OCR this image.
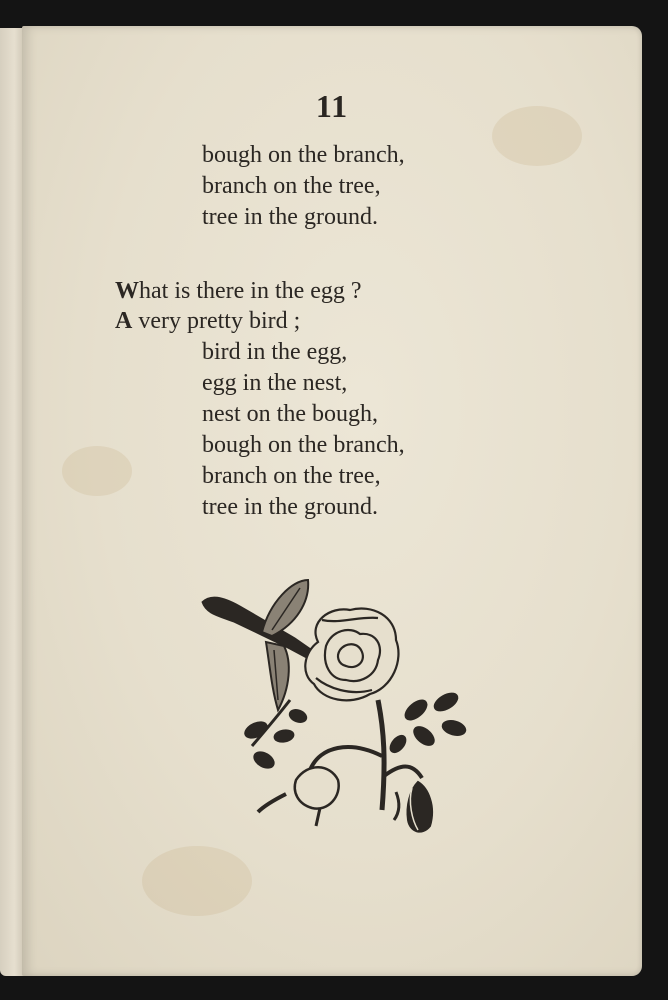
11
bough on the branch,
branch on the tree,
tree in the ground.
What is there in the egg ?
A very pretty bird ;
bird in the egg,
egg in the nest,
nest on the bough,
bough on the branch,
branch on the tree,
tree in the ground.
